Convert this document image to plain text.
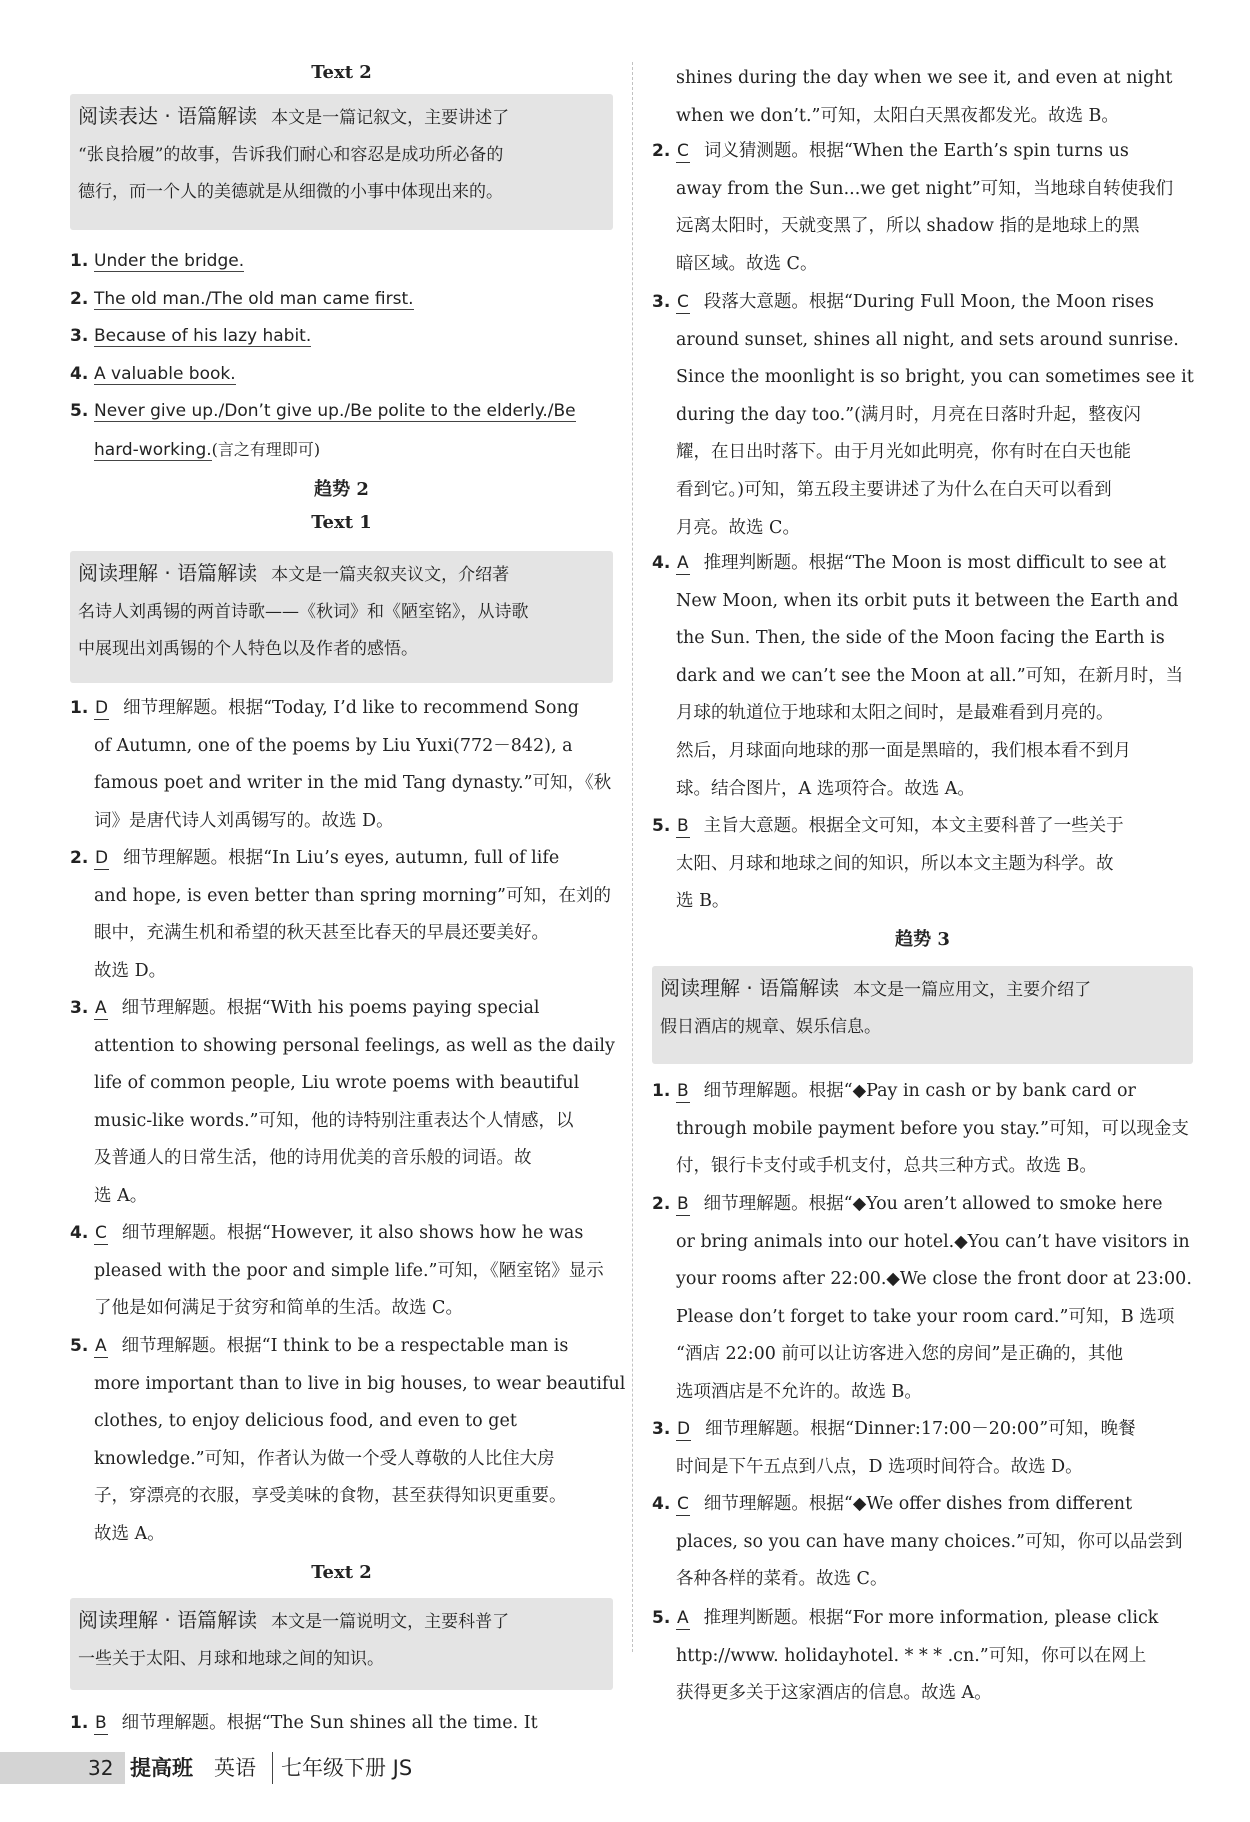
Text 2
阅读表达 · 语篇解读 本文是一篇记叙文，主要讲述了
“张良拾履”的故事，告诉我们耐心和容忍是成功所必备的
德行，而一个人的美德就是从细微的小事中体现出来的。
1. Under the bridge.
2. The old man./The old man came first.
3. Because of his lazy habit.
4. A valuable book.
5. Never give up./Don’t give up./Be polite to the elderly./Be
hard-working.(言之有理即可)
趋势 2
Text 1
阅读理解 · 语篇解读 本文是一篇夹叙夹议文，介绍著
名诗人刘禹锡的两首诗歌——《秋词》和《陋室铭》，从诗歌
中展现出刘禹锡的个人特色以及作者的感悟。
1. D 细节理解题。根据“Today, I’d like to recommend Song
of Autumn, one of the poems by Liu Yuxi(772－842), a
famous poet and writer in the mid Tang dynasty.”可知，《秋
词》是唐代诗人刘禹锡写的。故选 D。
2. D 细节理解题。根据“In Liu’s eyes, autumn, full of life
and hope, is even better than spring morning”可知，在刘的
眼中，充满生机和希望的秋天甚至比春天的早晨还要美好。
故选 D。
3. A 细节理解题。根据“With his poems paying special
attention to showing personal feelings, as well as the daily
life of common people, Liu wrote poems with beautiful
music-like words.”可知，他的诗特别注重表达个人情感，以
及普通人的日常生活，他的诗用优美的音乐般的词语。故
选 A。
4. C 细节理解题。根据“However, it also shows how he was
pleased with the poor and simple life.”可知，《陋室铭》显示
了他是如何满足于贫穷和简单的生活。故选 C。
5. A 细节理解题。根据“I think to be a respectable man is
more important than to live in big houses, to wear beautiful
clothes, to enjoy delicious food, and even to get
knowledge.”可知，作者认为做一个受人尊敬的人比住大房
子，穿漂亮的衣服，享受美味的食物，甚至获得知识更重要。
故选 A。
Text 2
阅读理解 · 语篇解读 本文是一篇说明文，主要科普了
一些关于太阳、月球和地球之间的知识。
1. B 细节理解题。根据“The Sun shines all the time. It
shines during the day when we see it, and even at night
when we don’t.”可知，太阳白天黑夜都发光。故选 B。
2. C 词义猜测题。根据“When the Earth’s spin turns us
away from the Sun...we get night”可知，当地球自转使我们
远离太阳时，天就变黑了，所以 shadow 指的是地球上的黑
暗区域。故选 C。
3. C 段落大意题。根据“During Full Moon, the Moon rises
around sunset, shines all night, and sets around sunrise.
Since the moonlight is so bright, you can sometimes see it
during the day too.”(满月时，月亮在日落时升起，整夜闪
耀，在日出时落下。由于月光如此明亮，你有时在白天也能
看到它。)可知，第五段主要讲述了为什么在白天可以看到
月亮。故选 C。
4. A 推理判断题。根据“The Moon is most difficult to see at
New Moon, when its orbit puts it between the Earth and
the Sun. Then, the side of the Moon facing the Earth is
dark and we can’t see the Moon at all.”可知，在新月时，当
月球的轨道位于地球和太阳之间时，是最难看到月亮的。
然后，月球面向地球的那一面是黑暗的，我们根本看不到月
球。结合图片，A 选项符合。故选 A。
5. B 主旨大意题。根据全文可知，本文主要科普了一些关于
太阳、月球和地球之间的知识，所以本文主题为科学。故
选 B。
趋势 3
阅读理解 · 语篇解读 本文是一篇应用文，主要介绍了
假日酒店的规章、娱乐信息。
1. B 细节理解题。根据“◆Pay in cash or by bank card or
through mobile payment before you stay.”可知，可以现金支
付，银行卡支付或手机支付，总共三种方式。故选 B。
2. B 细节理解题。根据“◆You aren’t allowed to smoke here
or bring animals into our hotel.◆You can’t have visitors in
your rooms after 22:00.◆We close the front door at 23:00.
Please don’t forget to take your room card.”可知，B 选项
“酒店 22:00 前可以让访客进入您的房间”是正确的，其他
选项酒店是不允许的。故选 B。
3. D 细节理解题。根据“Dinner:17:00－20:00”可知，晚餐
时间是下午五点到八点，D 选项时间符合。故选 D。
4. C 细节理解题。根据“◆We offer dishes from different
places, so you can have many choices.”可知，你可以品尝到
各种各样的菜肴。故选 C。
5. A 推理判断题。根据“For more information, please click
http://www. holidayhotel. * * * .cn.”可知，你可以在网上
获得更多关于这家酒店的信息。故选 A。
32 提高班 英语	七年级下册 JS
